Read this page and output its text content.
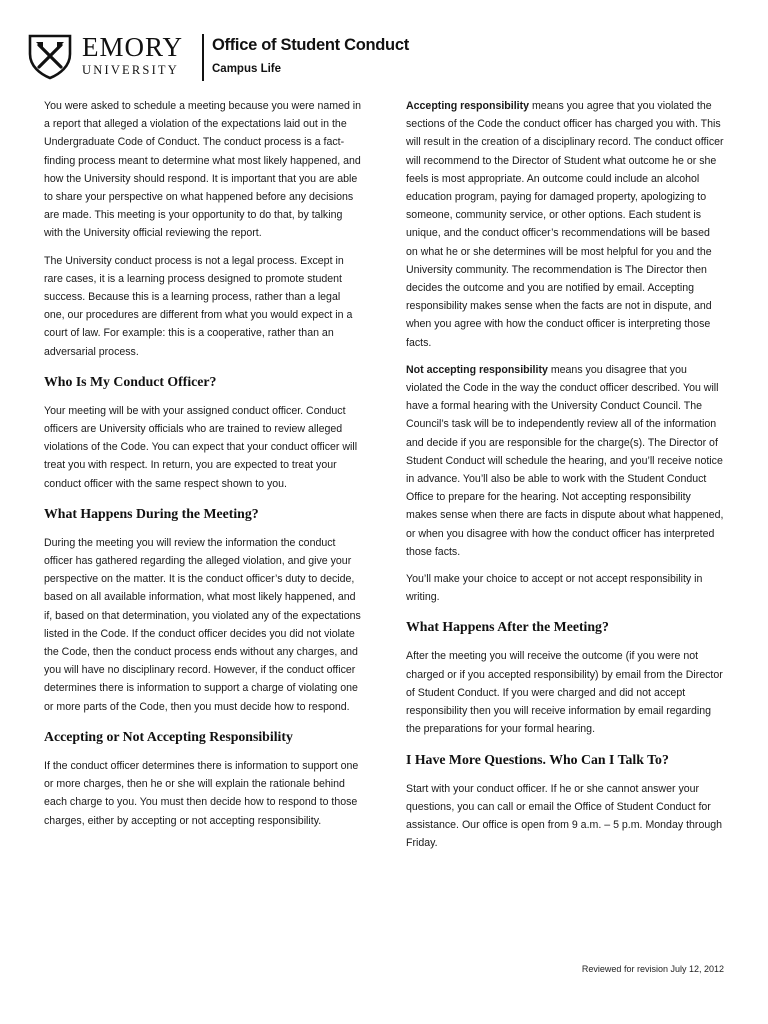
EMORY
UNIVERSITY
Office of Student Conduct
Campus Life

You were asked to schedule a meeting because you were named in a report that alleged a violation of the expectations laid out in the Undergraduate Code of Conduct. The conduct process is a fact-finding process meant to determine what most likely happened, and how the University should respond. It is important that you are able to share your perspective on what happened before any decisions are made. This meeting is your opportunity to do that, by talking with the University official reviewing the report.

The University conduct process is not a legal process. Except in rare cases, it is a learning process designed to promote student success. Because this is a learning process, rather than a legal one, our procedures are different from what you would expect in a court of law. For example: this is a cooperative, rather than an adversarial process.

Who Is My Conduct Officer?

Your meeting will be with your assigned conduct officer. Conduct officers are University officials who are trained to review alleged violations of the Code. You can expect that your conduct officer will treat you with respect. In return, you are expected to treat your conduct officer with the same respect shown to you.

What Happens During the Meeting?

During the meeting you will review the information the conduct officer has gathered regarding the alleged violation, and give your perspective on the matter. It is the conduct officer’s duty to decide, based on all available information, what most likely happened, and if, based on that determination, you violated any of the expectations listed in the Code. If the conduct officer decides you did not violate the Code, then the conduct process ends without any charges, and you will have no disciplinary record. However, if the conduct officer determines there is information to support a charge of violating one or more parts of the Code, then you must decide how to respond.

Accepting or Not Accepting Responsibility

If the conduct officer determines there is information to support one or more charges, then he or she will explain the rationale behind each charge to you. You must then decide how to respond to those charges, either by accepting or not accepting responsibility.

Accepting responsibility means you agree that you violated the sections of the Code the conduct officer has charged you with. This will result in the creation of a disciplinary record. The conduct officer will recommend to the Director of Student what outcome he or she feels is most appropriate. An outcome could include an alcohol education program, paying for damaged property, apologizing to someone, community service, or other options. Each student is unique, and the conduct officer’s recommendations will be based on what he or she determines will be most helpful for you and the University community. The recommendation is The Director then decides the outcome and you are notified by email. Accepting responsibility makes sense when the facts are not in dispute, and when you agree with how the conduct officer is interpreting those facts.

Not accepting responsibility means you disagree that you violated the Code in the way the conduct officer described. You will have a formal hearing with the University Conduct Council. The Council’s task will be to independently review all of the information and decide if you are responsible for the charge(s). The Director of Student Conduct will schedule the hearing, and you’ll receive notice in advance. You’ll also be able to work with the Student Conduct Office to prepare for the hearing. Not accepting responsibility makes sense when there are facts in dispute about what happened, or when you disagree with how the conduct officer has interpreted those facts.

You’ll make your choice to accept or not accept responsibility in writing.

What Happens After the Meeting?

After the meeting you will receive the outcome (if you were not charged or if you accepted responsibility) by email from the Director of Student Conduct. If you were charged and did not accept responsibility then you will receive information by email regarding the preparations for your formal hearing.

I Have More Questions. Who Can I Talk To?

Start with your conduct officer. If he or she cannot answer your questions, you can call or email the Office of Student Conduct for assistance. Our office is open from 9 a.m. – 5 p.m. Monday through Friday.

Reviewed for revision July 12, 2012
